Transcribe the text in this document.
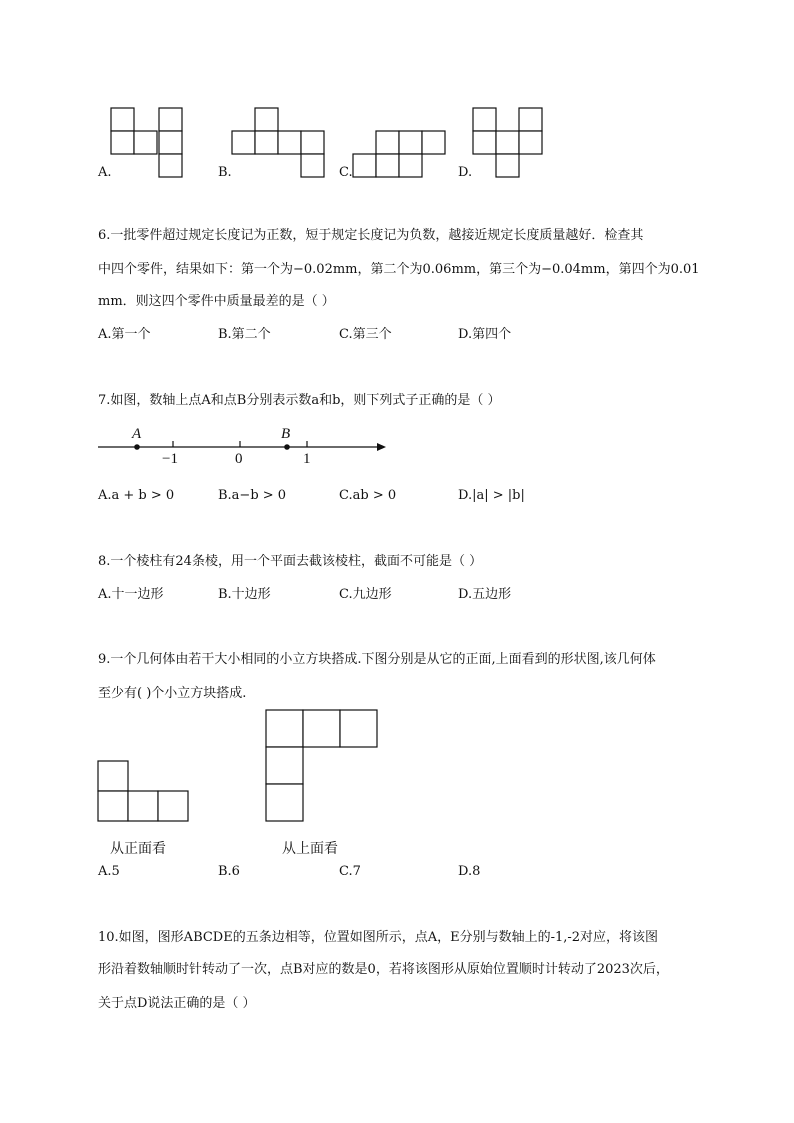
A.	B.	C.	D.
6.一批零件超过规定长度记为正数，短于规定长度记为负数，越接近规定长度质量越好．检查其
中四个零件，结果如下：第一个为−0.02mm，第二个为0.06mm，第三个为−0.04mm，第四个为0.01
mm．则这四个零件中质量最差的是（ ）
A.第一个	B.第二个	C.第三个	D.第四个
7.如图，数轴上点A和点B分别表示数a和b，则下列式子正确的是（ ）
A	B
−1	0	1
A.a + b > 0	B.a−b > 0	C.ab > 0	D.|a| > |b|
8.一个棱柱有24条棱，用一个平面去截该棱柱，截面不可能是（ ）
A.十一边形	B.十边形	C.九边形	D.五边形
9.一个几何体由若干大小相同的小立方块搭成.下图分别是从它的正面,上面看到的形状图,该几何体
至少有( )个小立方块搭成.
从正面看	从上面看
A.5	B.6	C.7	D.8
10.如图，图形ABCDE的五条边相等，位置如图所示，点A，E分别与数轴上的-1,-2对应，将该图
形沿着数轴顺时针转动了一次，点B对应的数是0，若将该图形从原始位置顺时计转动了2023次后，
关于点D说法正确的是（ ）
